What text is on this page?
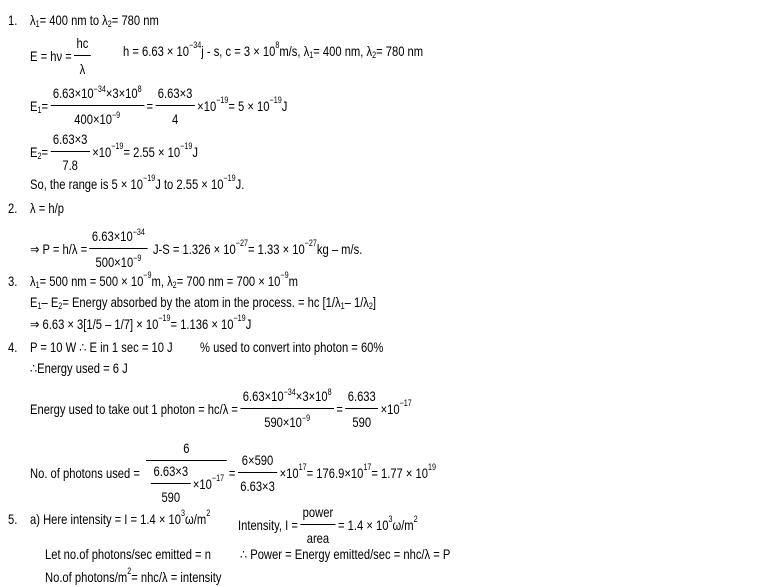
1. $\lambda_1 = 400$ nm to $\lambda_2 = 780$ nm
$E = h\nu = \frac{hc}{\lambda}$ $h = 6.63 \times 10^{-34}$ j - s, $c = 3 \times 10^8$ m/s, $\lambda_1 = 400$ nm, $\lambda_2 = 780$ nm
$E_1 = \frac{6.63\times 10^{-34}\times 3\times 10^8}{400\times 10^{-9}} = \frac{6.63\times 3}{4} \times 10^{-19} = 5 \times 10^{-19}$ J
$E_2 = \frac{6.63\times 3}{7.8} \times 10^{-19} = 2.55 \times 10^{-19}$ J
So, the range is $5 \times 10^{-19}$ J to $2.55 \times 10^{-19}$ J.
2. λ = h/p
⇒ $P = h/\lambda = \frac{6.63\times 10^{-34}}{500\times 10^{-9}} J-S = 1.326 \times 10^{-27} = 1.33 \times 10^{-27}$ kg – m/s.
3. $\lambda_1 = 500$ nm = $500 \times 10^{-9}$ m, $\lambda_2 = 700$ nm = $700 \times 10^{-9}$ m
$E_1 - E_2$ = Energy absorbed by the atom in the process. = hc [$1/\lambda_1 - 1/\lambda_2$ ]
⇒ $6.63 \times 3[1/5 - 1/7] \times 10^{-19} = 1.136 \times 10^{-19}$ J
4. P = 10 W ∴ E in 1 sec = 10 J % used to convert into photon = 60%
∴Energy used = 6 J
Energy used to take out 1 photon = $hc/\lambda = \frac{6.63\times 10^{-34}\times 3\times 10^8}{590\times 10^{-9}} = \frac{6.633}{590} \times 10^{-17}$
No. of photons used = $\frac{6}{\frac{6.63\times 3}{590} \times 10^{-17}} = \frac{6\times 590}{6.63\times 3} \times 10^{17} = 176.9\times 10^{17} = 1.77 \times 10^{19}$
5. a) Here intensity = $I = 1.4 \times 10^3$ $\omega/m^2$
Intensity, $I = \frac{\text{power}}{\text{area}} = 1.4 \times 10^3$ $\omega/m^2$
Let no.of photons/sec emitted = n ∴ Power = Energy emitted/sec = nhc/λ = P
No.of photons/$m^2 = nhc/\lambda$ = intensity
